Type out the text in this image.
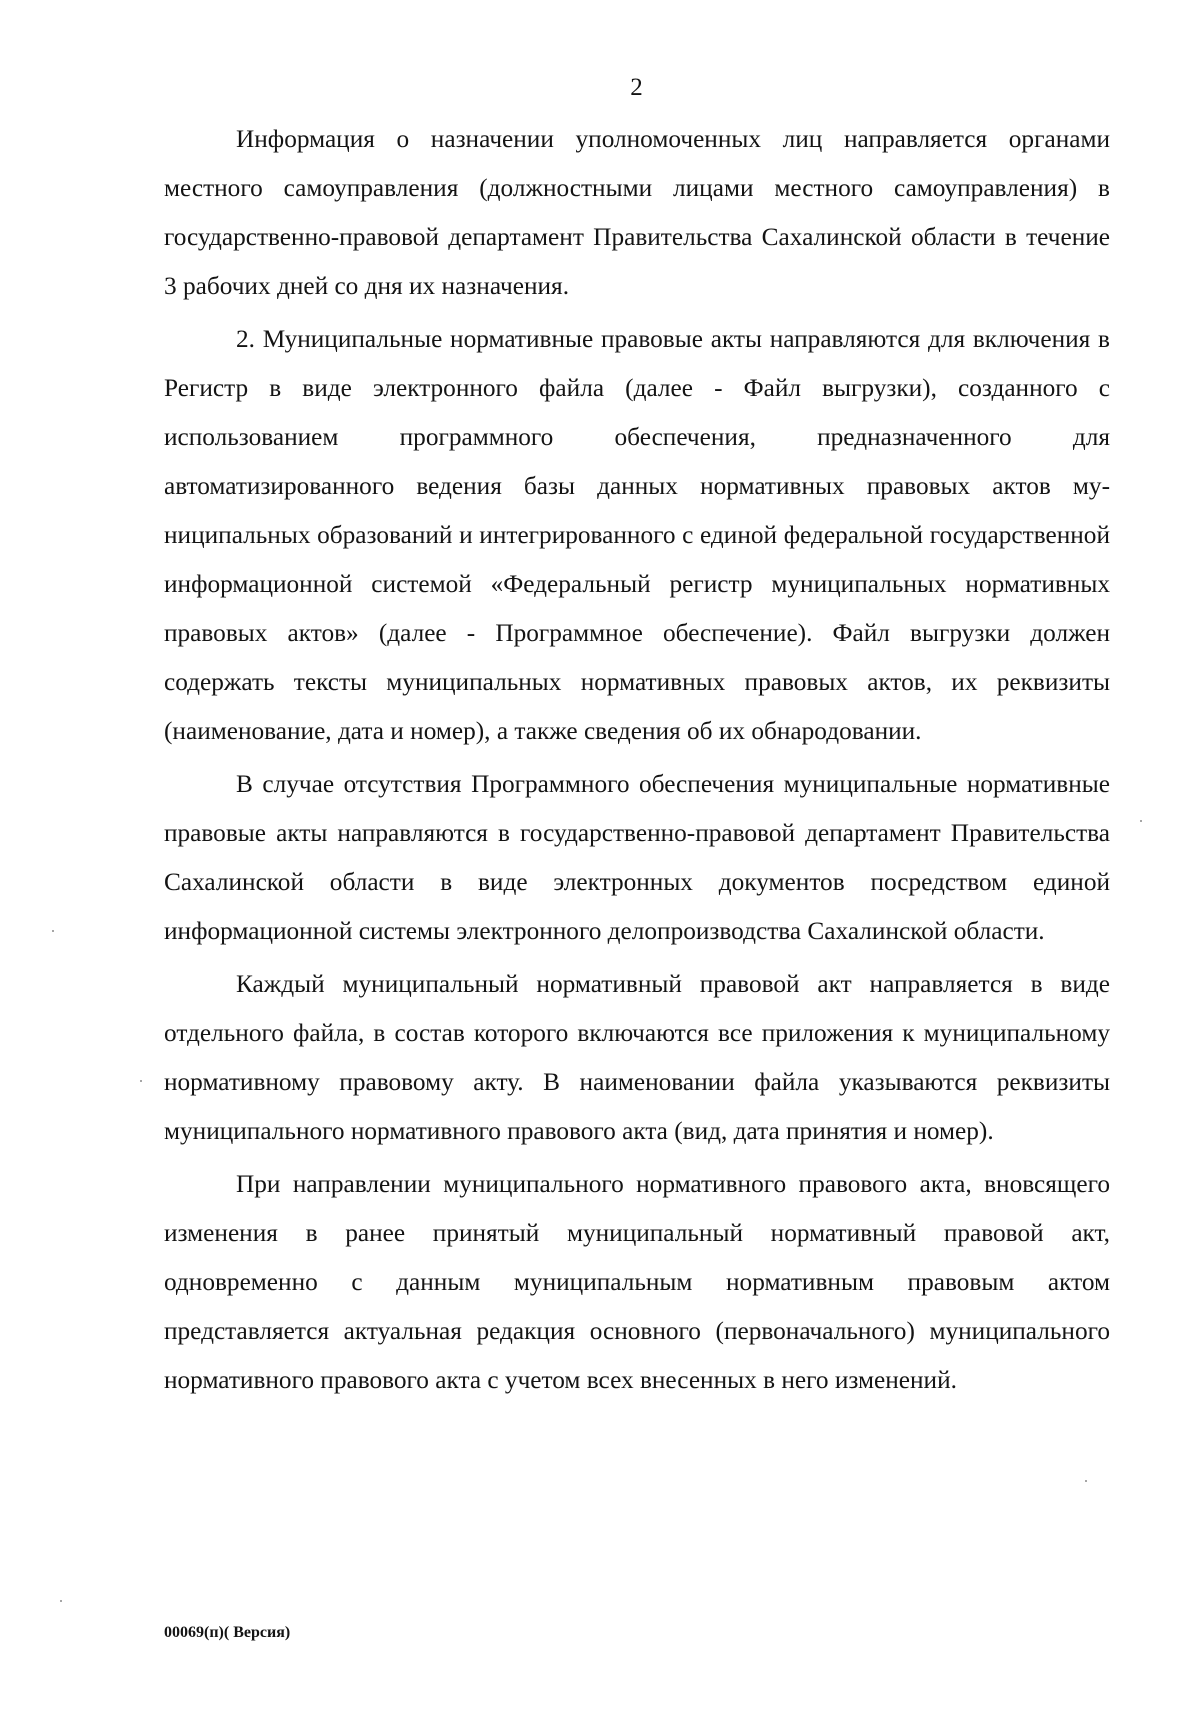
2

Информация о назначении уполномоченных лиц направляется органами местного самоуправления (должностными лицами местного самоуправления) в государственно-правовой департамент Правительства Сахалинской области в течение 3 рабочих дней со дня их назначения.

2. Муниципальные нормативные правовые акты направляются для включения в Регистр в виде электронного файла (далее - Файл выгрузки), созданного с использованием программного обеспечения, предназначенного для автоматизированного ведения базы данных нормативных правовых актов муниципальных образований и интегрированного с единой федеральной государственной информационной системой «Федеральный регистр муниципальных нормативных правовых актов» (далее - Программное обеспечение). Файл выгрузки должен содержать тексты муниципальных нормативных правовых актов, их реквизиты (наименование, дата и номер), а также сведения об их обнародовании.

В случае отсутствия Программного обеспечения муниципальные нормативные правовые акты направляются в государственно-правовой департамент Правительства Сахалинской области в виде электронных документов посредством единой информационной системы электронного делопроизводства Сахалинской области.

Каждый муниципальный нормативный правовой акт направляется в виде отдельного файла, в состав которого включаются все приложения к муниципальному нормативному правовому акту. В наименовании файла указываются реквизиты муниципального нормативного правового акта (вид, дата принятия и номер).

При направлении муниципального нормативного правового акта, вновсящего изменения в ранее принятый муниципальный нормативный правовой акт, одновременно с данным муниципальным нормативным правовым актом представляется актуальная редакция основного (первоначального) муниципального нормативного правового акта с учетом всех внесенных в него изменений.

00069(п)( Версия)
